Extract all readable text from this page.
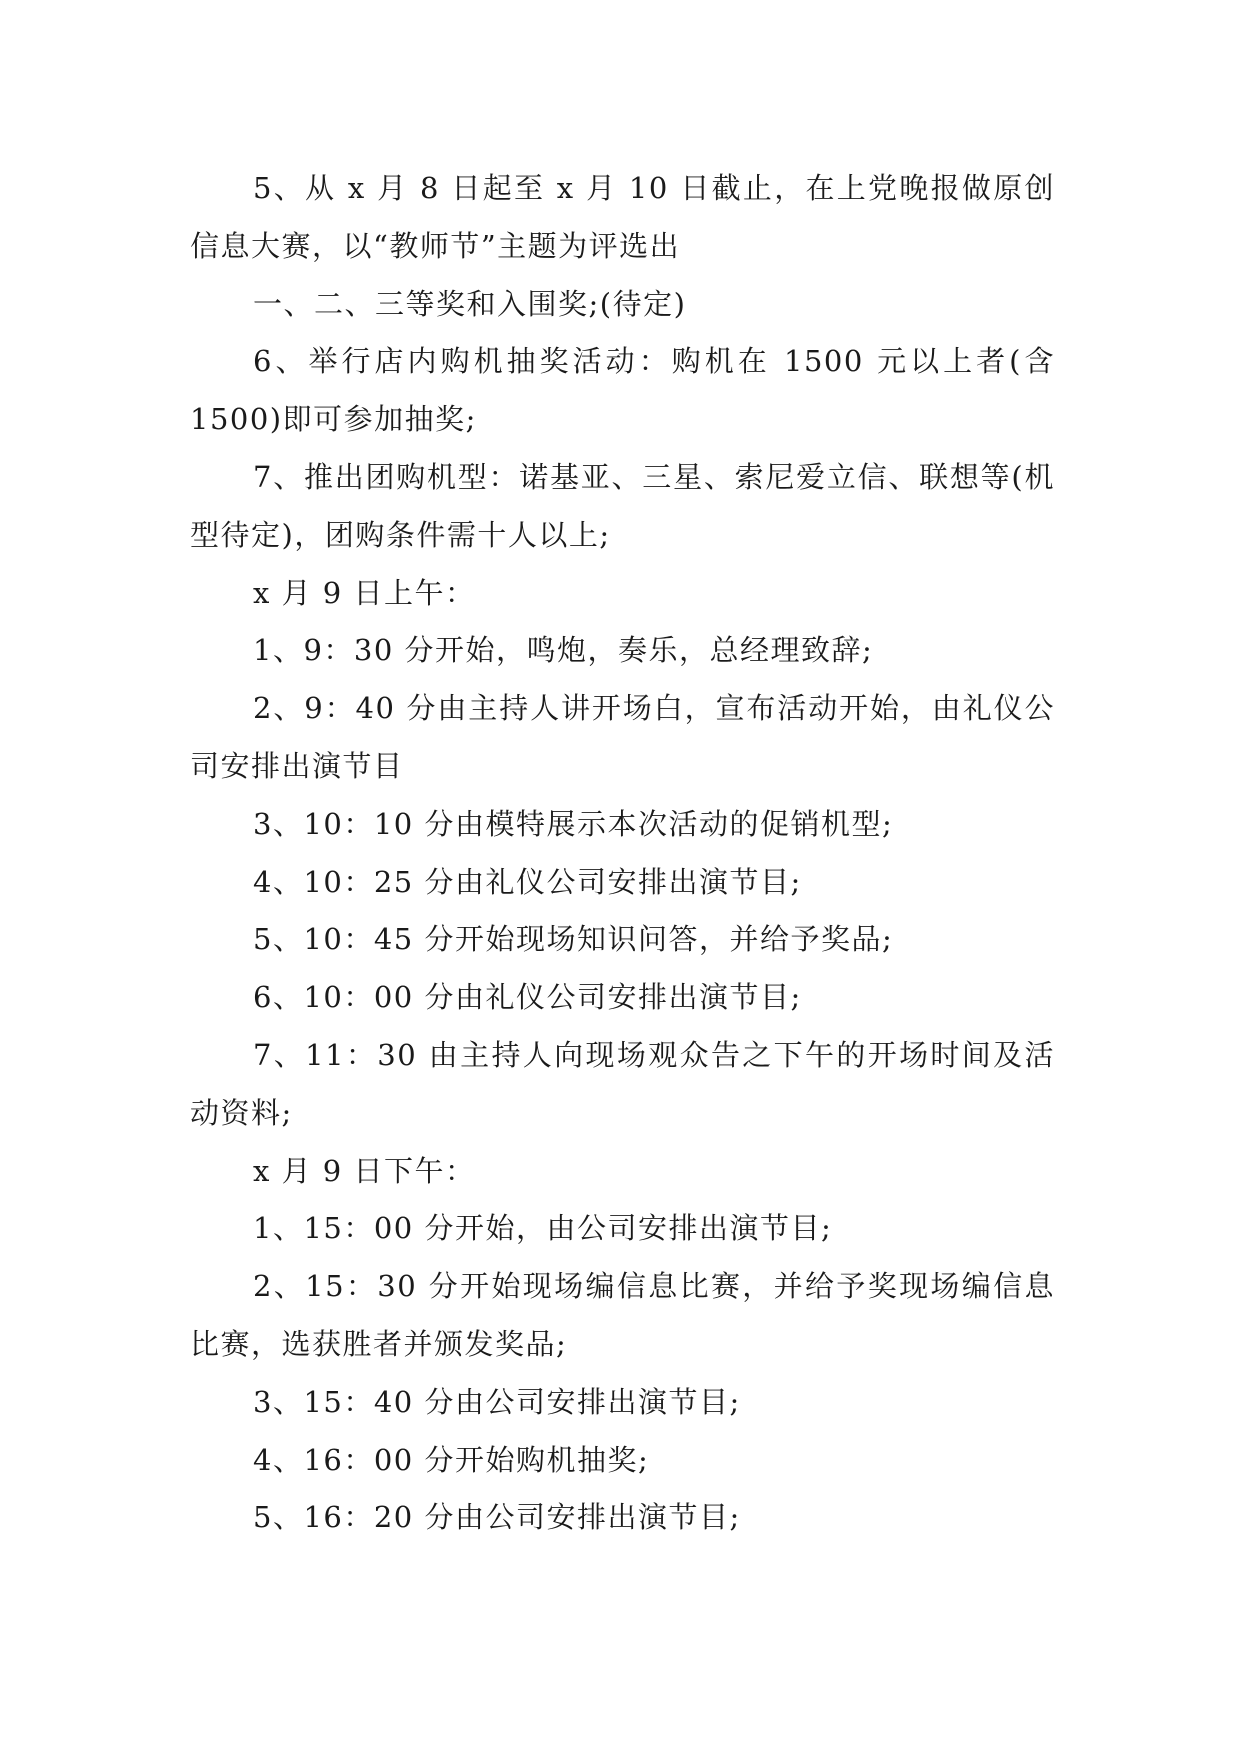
5、从 x 月 8 日起至 x 月 10 日截止，在上党晚报做原创信息大赛，以“教师节”主题为评选出

一、二、三等奖和入围奖;(待定)

6、举行店内购机抽奖活动：购机在 1500 元以上者(含1500)即可参加抽奖;

7、推出团购机型：诺基亚、三星、索尼爱立信、联想等(机型待定)，团购条件需十人以上;

x 月 9 日上午：

1、9：30 分开始，鸣炮，奏乐，总经理致辞;

2、9：40 分由主持人讲开场白，宣布活动开始，由礼仪公司安排出演节目

3、10：10 分由模特展示本次活动的促销机型;

4、10：25 分由礼仪公司安排出演节目;

5、10：45 分开始现场知识问答，并给予奖品;

6、10：00 分由礼仪公司安排出演节目;

7、11：30 由主持人向现场观众告之下午的开场时间及活动资料;

x 月 9 日下午：

1、15：00 分开始，由公司安排出演节目;

2、15：30 分开始现场编信息比赛，并给予奖现场编信息比赛，选获胜者并颁发奖品;

3、15：40 分由公司安排出演节目;

4、16：00 分开始购机抽奖;

5、16：20 分由公司安排出演节目;
